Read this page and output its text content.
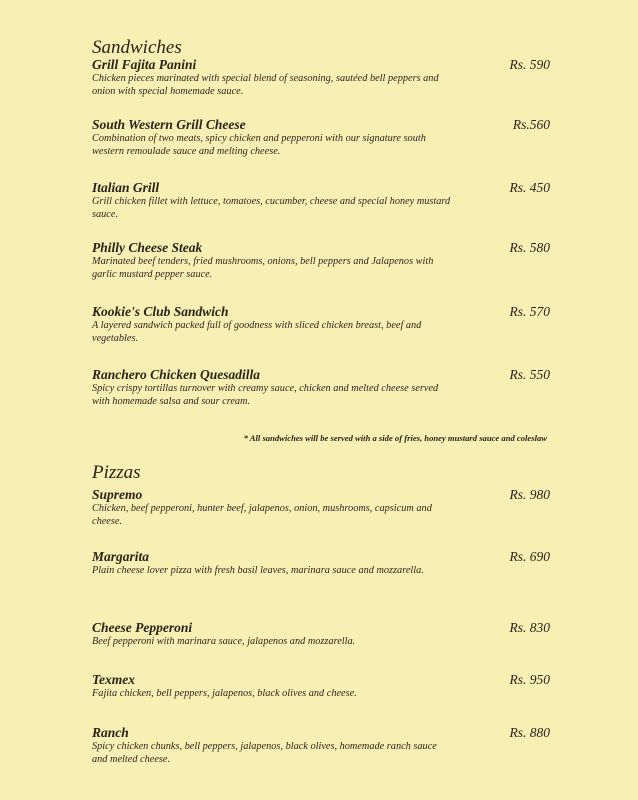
Sandwiches
Grill Fajita Panini	Rs. 590
Chicken pieces marinated with special blend of seasoning, sautéed bell peppers and onion with special homemade sauce.
South Western Grill Cheese	Rs.560
Combination of two meats, spicy chicken and pepperoni with our signature south western remoulade sauce and melting cheese.
Italian Grill	Rs. 450
Grill chicken fillet with lettuce, tomatoes, cucumber, cheese and special honey mustard sauce.
Philly Cheese Steak	Rs. 580
Marinated beef tenders, fried mushrooms, onions, bell peppers and Jalapenos with garlic mustard pepper sauce.
Kookie's Club Sandwich	Rs. 570
A layered sandwich packed full of goodness with sliced chicken breast, beef and vegetables.
Ranchero Chicken Quesadilla	Rs. 550
Spicy crispy tortillas turnover with creamy sauce, chicken and melted cheese served with homemade salsa and sour cream.
* All sandwiches will be served with a side of fries, honey mustard sauce and coleslaw
Pizzas
Supremo	Rs. 980
Chicken, beef pepperoni, hunter beef, jalapenos, onion, mushrooms, capsicum and cheese.
Margarita	Rs. 690
Plain cheese lover pizza with fresh basil leaves, marinara sauce and mozzarella.
Cheese Pepperoni	Rs. 830
Beef pepperoni with marinara sauce, jalapenos and mozzarella.
Texmex	Rs. 950
Fajita chicken, bell peppers, jalapenos, black olives and cheese.
Ranch	Rs. 880
Spicy chicken chunks, bell peppers, jalapenos, black olives, homemade ranch sauce and melted cheese.
